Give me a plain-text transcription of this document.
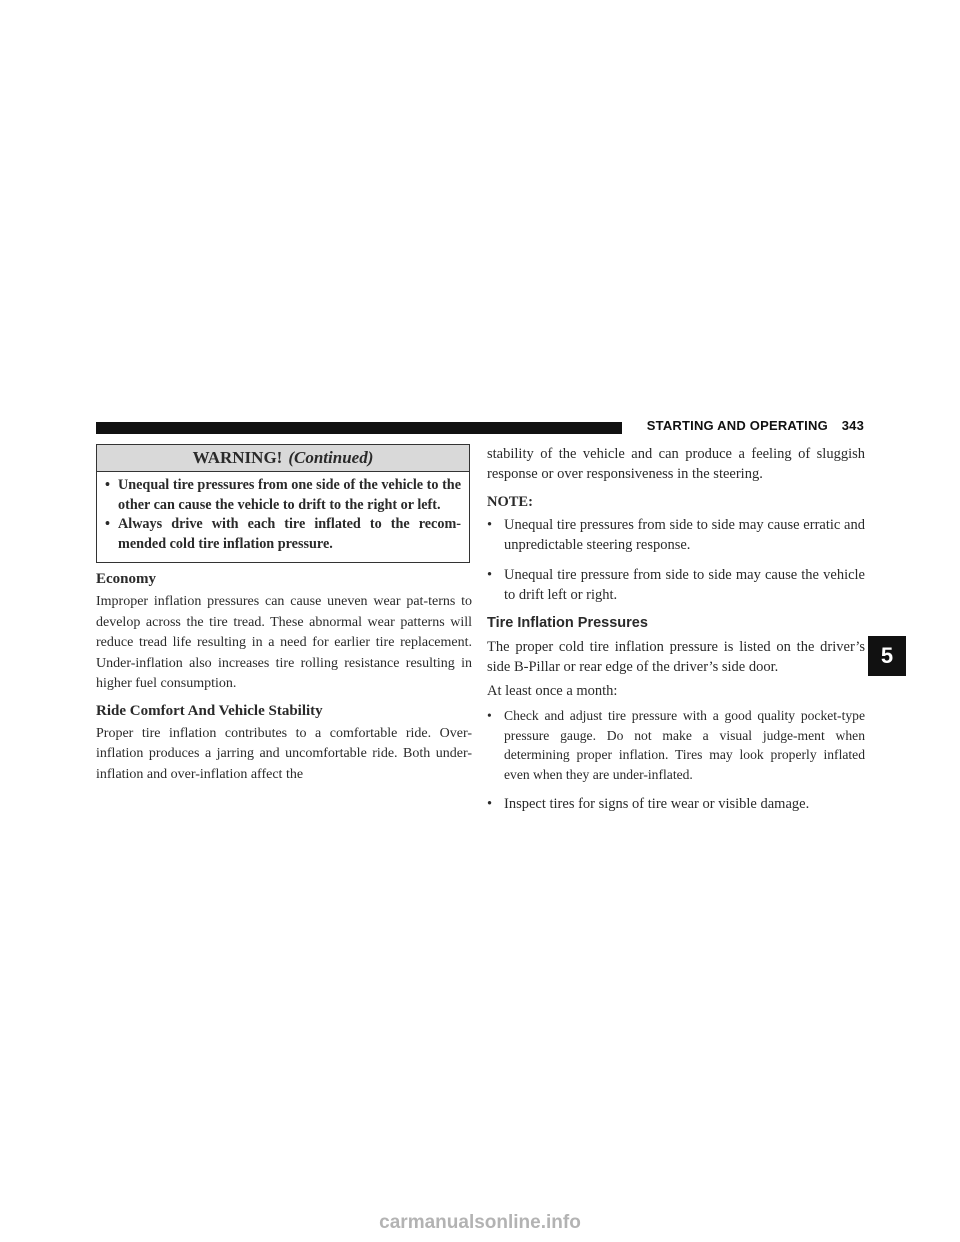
STARTING AND OPERATING 343
WARNING! (Continued)
• Unequal tire pressures from one side of the vehicle to the other can cause the vehicle to drift to the right or left.
• Always drive with each tire inflated to the recom-mended cold tire inflation pressure.
Economy

Improper inflation pressures can cause uneven wear pat-terns to develop across the tire tread. These abnormal wear patterns will reduce tread life resulting in a need for earlier tire replacement. Under-inflation also increases tire rolling resistance resulting in higher fuel consumption.

Ride Comfort And Vehicle Stability

Proper tire inflation contributes to a comfortable ride. Over-inflation produces a jarring and uncomfortable ride. Both under-inflation and over-inflation affect the

stability of the vehicle and can produce a feeling of sluggish response or over responsiveness in the steering.

NOTE:
• Unequal tire pressures from side to side may cause erratic and unpredictable steering response.
• Unequal tire pressure from side to side may cause the vehicle to drift left or right.
Tire Inflation Pressures

The proper cold tire inflation pressure is listed on the driver’s side B-Pillar or rear edge of the driver’s side door.

At least once a month:
• Check and adjust tire pressure with a good quality pocket-type pressure gauge. Do not make a visual judge-ment when determining proper inflation. Tires may look properly inflated even when they are under-inflated.
• Inspect tires for signs of tire wear or visible damage.
5
carmanualsonline.info
